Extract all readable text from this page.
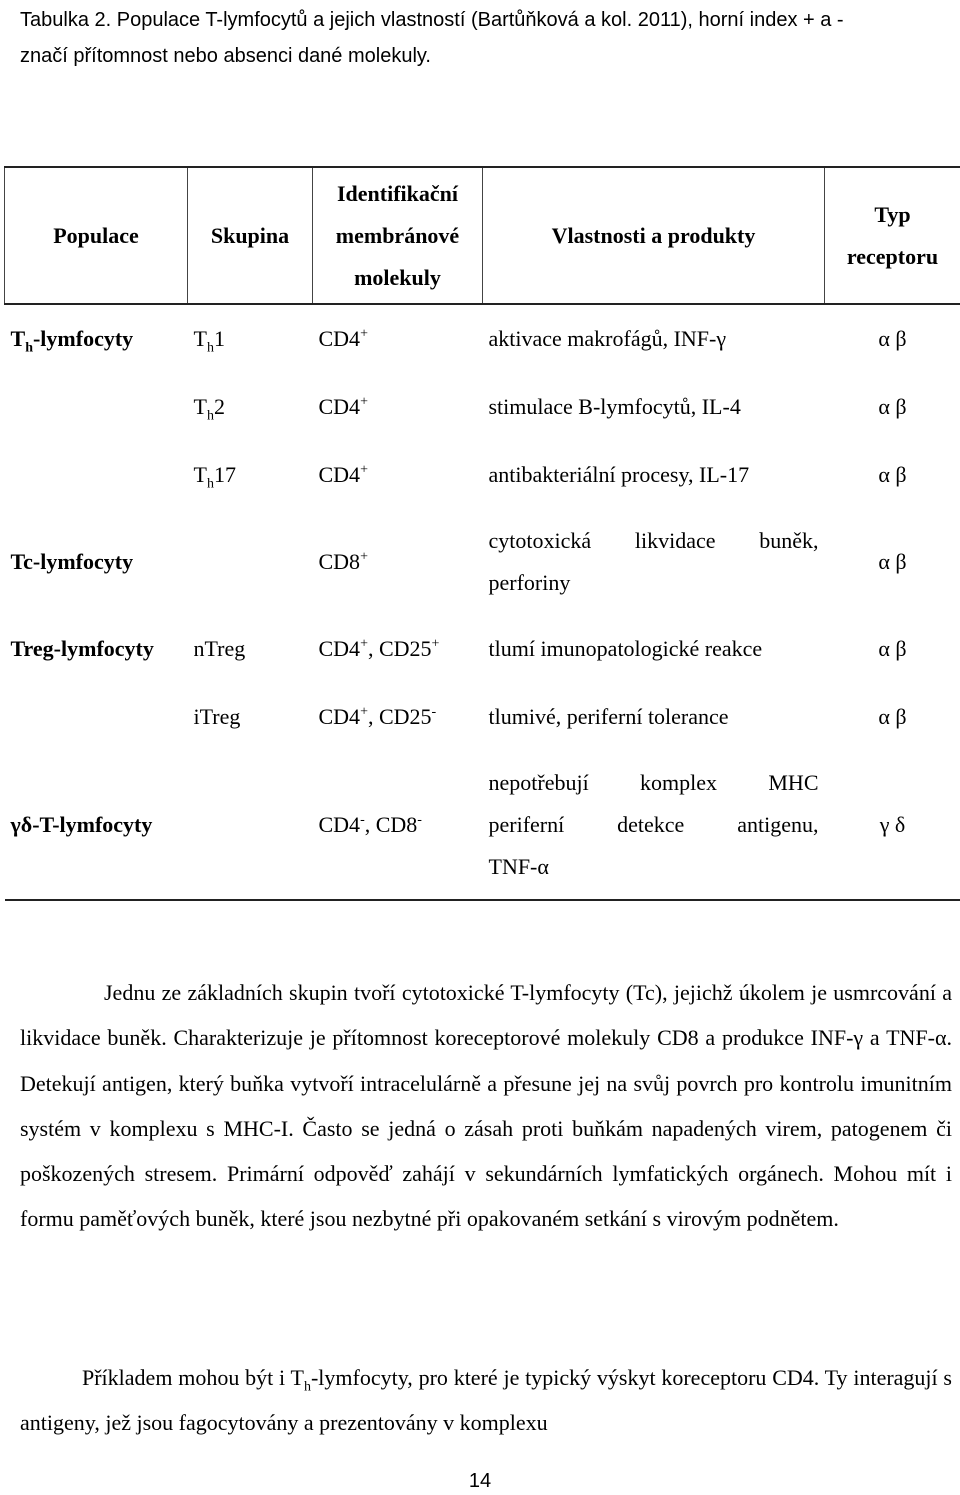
Tabulka 2. Populace T-lymfocytů a jejich vlastností (Bartůňková a kol. 2011), horní index + a -
značí přítomnost nebo absenci dané molekuly.
Populace	Skupina	Identifikační
membránové
molekuly	Vlastnosti a produkty	Typ
receptoru
$T_h$-lymfocyty	$T_h1$	CD4+	aktivace makrofágů, INF-γ	α β
	$T_h2$	CD4+	stimulace B-lymfocytů, IL-4	α β
	$T_h17$	CD4+	antibakteriální procesy, IL-17	α β
Tc-lymfocyty		CD8+	cytotoxická likvidace buněk,
perforiny	α β
Treg-lymfocyty	nTreg	CD4+, CD25+	tlumí imunopatologické reakce	α β
	iTreg	CD4+, CD25-	tlumivé, periferní tolerance	α β
γδ-T-lymfocyty		CD4-, CD8-	nepotřebují komplex MHC
periferní detekce antigenu,
TNF-α	γ δ

Jednu ze základních skupin tvoří cytotoxické T-lymfocyty (Tc), jejichž úkolem je usmrcování a likvidace buněk. Charakterizuje je přítomnost koreceptorové molekuly CD8 a produkce INF-γ a TNF-α. Detekují antigen, který buňka vytvoří intracelulárně a přesune jej na svůj povrch pro kontrolu imunitním systém v komplexu s MHC-I. Často se jedná o zásah proti buňkám napadených virem, patogenem či poškozených stresem. Primární odpověď zahájí v sekundárních lymfatických orgánech. Mohou mít i formu paměťových buněk, které jsou nezbytné při opakovaném setkání s virovým podnětem.

Příkladem mohou být i $T_h$-lymfocyty, pro které je typický výskyt koreceptoru CD4. Ty interagují s antigeny, jež jsou fagocytovány a prezentovány v komplexu

14
